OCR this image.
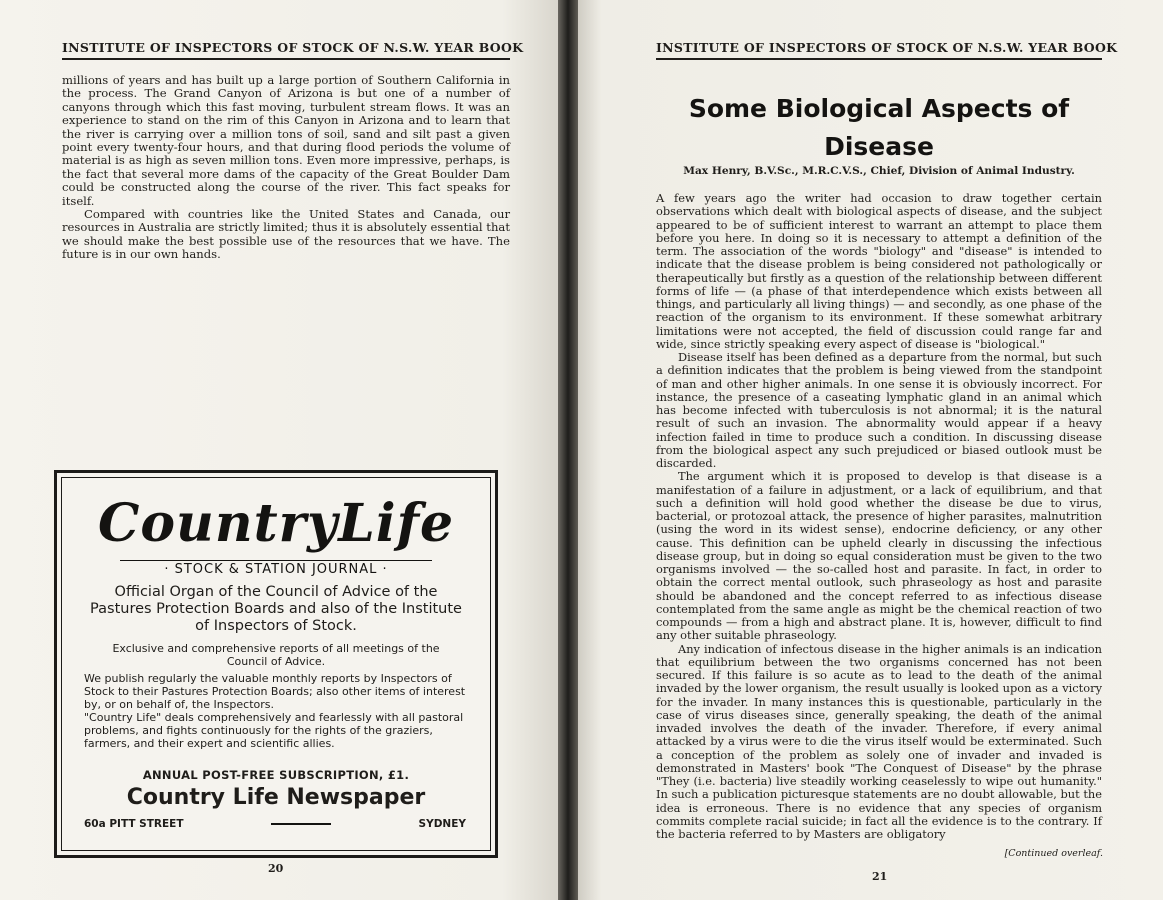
INSTITUTE OF INSPECTORS OF STOCK OF N.S.W. YEAR BOOK

millions of years and has built up a large portion of Southern California in the process. The Grand Canyon of Arizona is but one of a number of canyons through which this fast moving, turbulent stream flows. It was an experience to stand on the rim of this Canyon in Arizona and to learn that the river is carrying over a million tons of soil, sand and silt past a given point every twenty-four hours, and that during flood periods the volume of material is as high as seven million tons. Even more impressive, perhaps, is the fact that several more dams of the capacity of the Great Boulder Dam could be constructed along the course of the river. This fact speaks for itself.

Compared with countries like the United States and Canada, our resources in Australia are strictly limited; thus it is absolutely essential that we should make the best possible use of the resources that we have. The future is in our own hands.

CountryLife
· STOCK & STATION JOURNAL ·
Official Organ of the Council of Advice of the Pastures Protection Boards and also of the Institute of Inspectors of Stock.
Exclusive and comprehensive reports of all meetings of the Council of Advice.
We publish regularly the valuable monthly reports by Inspectors of Stock to their Pastures Protection Boards; also other items of interest by, or on behalf of, the Inspectors.
"Country Life" deals comprehensively and fearlessly with all pastoral problems, and fights continuously for the rights of the graziers, farmers, and their expert and scientific allies.
ANNUAL POST-FREE SUBSCRIPTION, £1.
Country Life Newspaper
60a PITT STREET	SYDNEY
20
INSTITUTE OF INSPECTORS OF STOCK OF N.S.W. YEAR BOOK
Some Biological Aspects of Disease
Max Henry, B.V.Sc., M.R.C.V.S., Chief, Division of Animal Industry.

A few years ago the writer had occasion to draw together certain observations which dealt with biological aspects of disease, and the subject appeared to be of sufficient interest to warrant an attempt to place them before you here. In doing so it is necessary to attempt a definition of the term. The association of the words "biology" and "disease" is intended to indicate that the disease problem is being considered not pathologically or therapeutically but firstly as a question of the relationship between different forms of life — (a phase of that interdependence which exists between all things, and particularly all living things) — and secondly, as one phase of the reaction of the organism to its environment. If these somewhat arbitrary limitations were not accepted, the field of discussion could range far and wide, since strictly speaking every aspect of disease is "biological."

Disease itself has been defined as a departure from the normal, but such a definition indicates that the problem is being viewed from the standpoint of man and other higher animals. In one sense it is obviously incorrect. For instance, the presence of a caseating lymphatic gland in an animal which has become infected with tuberculosis is not abnormal; it is the natural result of such an invasion. The abnormality would appear if a heavy infection failed in time to produce such a condition. In discussing disease from the biological aspect any such prejudiced or biased outlook must be discarded.

The argument which it is proposed to develop is that disease is a manifestation of a failure in adjustment, or a lack of equilibrium, and that such a definition will hold good whether the disease be due to virus, bacterial, or protozoal attack, the presence of higher parasites, malnutrition (using the word in its widest sense), endocrine deficiency, or any other cause. This definition can be upheld clearly in discussing the infectious disease group, but in doing so equal consideration must be given to the two organisms involved — the so-called host and parasite. In fact, in order to obtain the correct mental outlook, such phraseology as host and parasite should be abandoned and the concept referred to as infectious disease contemplated from the same angle as might be the chemical reaction of two compounds — from a high and abstract plane. It is, however, difficult to find any other suitable phraseology.

Any indication of infectous disease in the higher animals is an indication that equilibrium between the two organisms concerned has not been secured. If this failure is so acute as to lead to the death of the animal invaded by the lower organism, the result usually is looked upon as a victory for the invader. In many instances this is questionable, particularly in the case of virus diseases since, generally speaking, the death of the animal invaded involves the death of the invader. Therefore, if every animal attacked by a virus were to die the virus itself would be exterminated. Such a conception of the problem as solely one of invader and invaded is demonstrated in Masters' book "The Conquest of Disease" by the phrase "They (i.e. bacteria) live steadily working ceaselessly to wipe out humanity." In such a publication picturesque statements are no doubt allowable, but the idea is erroneous. There is no evidence that any species of organism commits complete racial suicide; in fact all the evidence is to the contrary. If the bacteria referred to by Masters are obligatory

[Continued overleaf.
21
